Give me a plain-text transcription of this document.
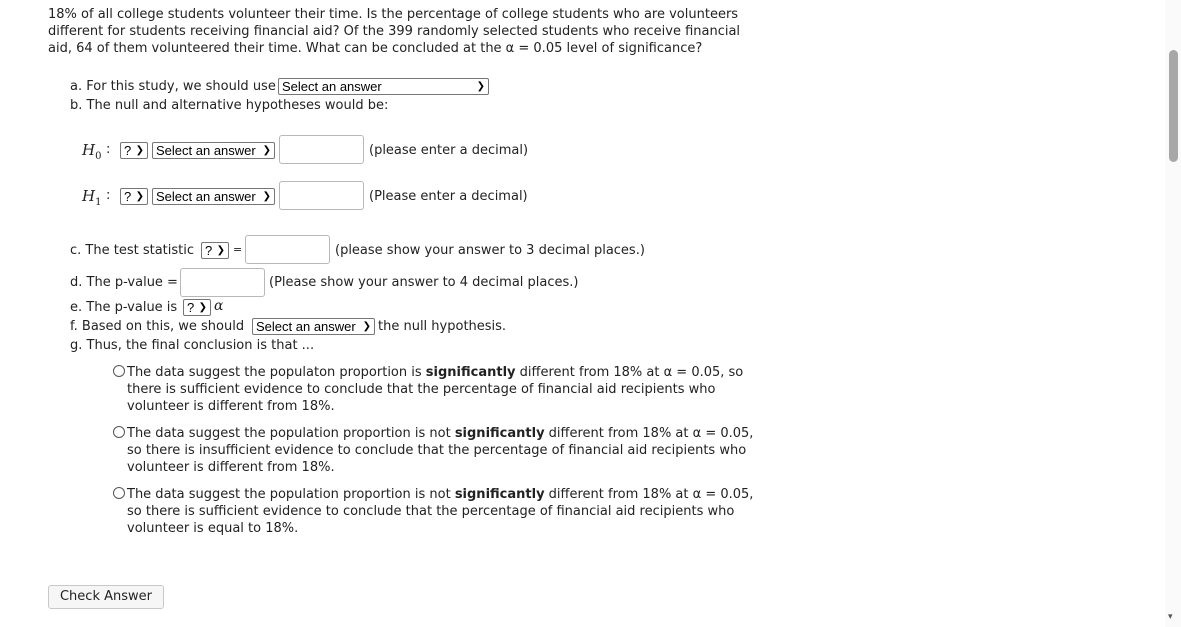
18% of all college students volunteer their time. Is the percentage of college students who are volunteers different for students receiving financial aid? Of the 399 randomly selected students who receive financial aid, 64 of them volunteered their time. What can be concluded at the α = 0.05 level of significance?
a. For this study, we should use Select an answer	❯
b. The null and alternative hypotheses would be:
$H_0$ :	? ❯ Select an answer ❯	(please enter a decimal)
$H_1$ :	? ❯ Select an answer ❯	(Please enter a decimal)
c. The test statistic ? ❯ =	(please show your answer to 3 decimal places.)
d. The p-value =	(Please show your answer to 4 decimal places.)
e. The p-value is ? ❯ α
f. Based on this, we should Select an answer ❯ the null hypothesis.
g. Thus, the final conclusion is that ...
The data suggest the populaton proportion is significantly different from 18% at α = 0.05, so there is sufficient evidence to conclude that the percentage of financial aid recipients who volunteer is different from 18%.
The data suggest the population proportion is not significantly different from 18% at α = 0.05, so there is insufficient evidence to conclude that the percentage of financial aid recipients who volunteer is different from 18%.
The data suggest the population proportion is not significantly different from 18% at α = 0.05, so there is sufficient evidence to conclude that the percentage of financial aid recipients who volunteer is equal to 18%.
Check Answer
▾
